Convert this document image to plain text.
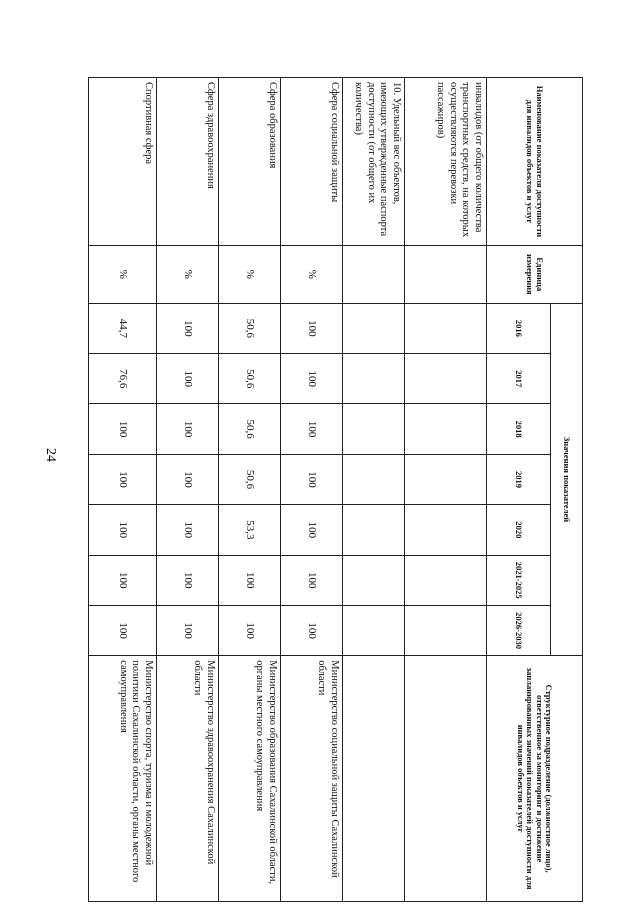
24
Наименование показателя доступности для инвалидов объектов и услуг	Единица измерения	Значения показателей							Структурное подразделение (должностное лицо), ответственное за мониторинг и достижение запланированных значений показателей доступности для инвалидов объектов и услуг
		2016	2017	2018	2019	2020	2021-2025	2026-2030	
инвалидов (от общего количества транспортных средств, на которых осуществляются перевозки пассажиров)									
10. Удельный вес объектов, имеющих утвержденные паспорта доступности (от общего их количества)									
Сфера социальной защиты	%	100	100	100	100	100	100	100	Министерство социальной защиты Сахалинской области
Сфера образования	%	50,6	50,6	50,6	50,6	53,3	100	100	Министерство образования Сахалинской области, органы местного самоуправления
Сфера здравоохранения	%	100	100	100	100	100	100	100	Министерство здравоохранения Сахалинской области
Спортивная сфера	%	44,7	76,6	100	100	100	100	100	Министерство спорта, туризма и молодежной политики Сахалинской области, органы местного самоуправления
